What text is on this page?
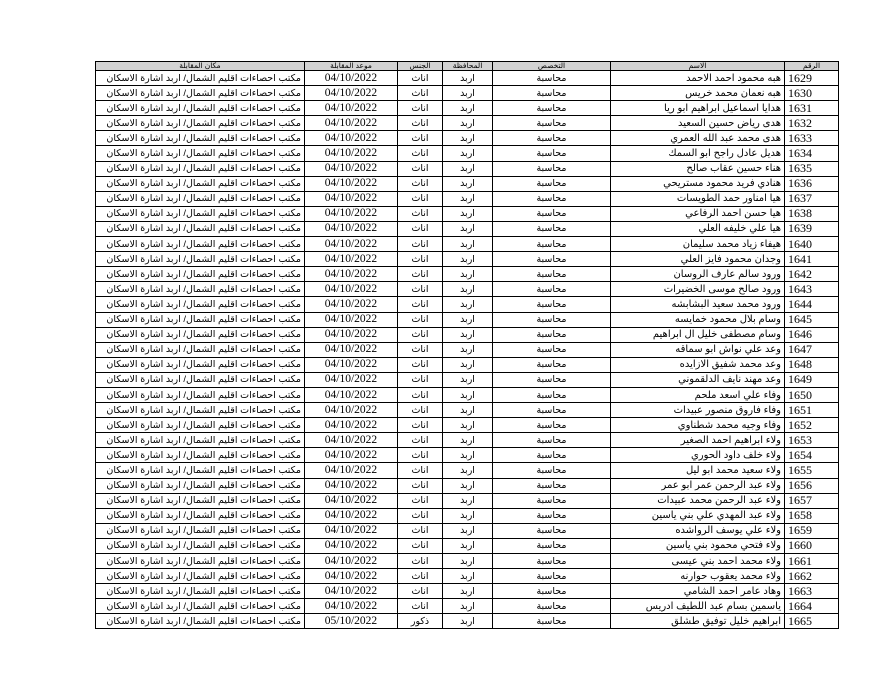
الرقم	الاسم	التخصص	المحافظة	الجنس	موعد المقابلة	مكان المقابلة
1629	هبه محمود احمد الاحمد	محاسبة	اربد	اناث	04/10/2022	مكتب احصاءات اقليم الشمال/ اربد اشارة الاسكان
1630	هبه نعمان محمد خريس	محاسبة	اربد	اناث	04/10/2022	مكتب احصاءات اقليم الشمال/ اربد اشارة الاسكان
1631	هدايا اسماعيل ابراهيم ابو ريا	محاسبة	اربد	اناث	04/10/2022	مكتب احصاءات اقليم الشمال/ اربد اشارة الاسكان
1632	هدى رياض حسين السعيد	محاسبة	اربد	اناث	04/10/2022	مكتب احصاءات اقليم الشمال/ اربد اشارة الاسكان
1633	هدى محمد عبد الله العمري	محاسبة	اربد	اناث	04/10/2022	مكتب احصاءات اقليم الشمال/ اربد اشارة الاسكان
1634	هديل عادل راجح ابو السمك	محاسبة	اربد	اناث	04/10/2022	مكتب احصاءات اقليم الشمال/ اربد اشارة الاسكان
1635	هناء حسين عقاب صالح	محاسبة	اربد	اناث	04/10/2022	مكتب احصاءات اقليم الشمال/ اربد اشارة الاسكان
1636	هنادي فريد محمود مستريحي	محاسبة	اربد	اناث	04/10/2022	مكتب احصاءات اقليم الشمال/ اربد اشارة الاسكان
1637	هيا امناور حمد الطويسات	محاسبة	اربد	اناث	04/10/2022	مكتب احصاءات اقليم الشمال/ اربد اشارة الاسكان
1638	هيا حسن احمد الرفاعي	محاسبة	اربد	اناث	04/10/2022	مكتب احصاءات اقليم الشمال/ اربد اشارة الاسكان
1639	هيا علي خليفه العلي	محاسبة	اربد	اناث	04/10/2022	مكتب احصاءات اقليم الشمال/ اربد اشارة الاسكان
1640	هيفاء زياد محمد سليمان	محاسبة	اربد	اناث	04/10/2022	مكتب احصاءات اقليم الشمال/ اربد اشارة الاسكان
1641	وجدان محمود فايز العلي	محاسبة	اربد	اناث	04/10/2022	مكتب احصاءات اقليم الشمال/ اربد اشارة الاسكان
1642	ورود سالم عارف الروسان	محاسبة	اربد	اناث	04/10/2022	مكتب احصاءات اقليم الشمال/ اربد اشارة الاسكان
1643	ورود صالح موسى الخضيرات	محاسبة	اربد	اناث	04/10/2022	مكتب احصاءات اقليم الشمال/ اربد اشارة الاسكان
1644	ورود محمد سعيد البشابشه	محاسبة	اربد	اناث	04/10/2022	مكتب احصاءات اقليم الشمال/ اربد اشارة الاسكان
1645	وسام بلال محمود خمايسه	محاسبة	اربد	اناث	04/10/2022	مكتب احصاءات اقليم الشمال/ اربد اشارة الاسكان
1646	وسام مصطفى خليل ال ابراهيم	محاسبة	اربد	اناث	04/10/2022	مكتب احصاءات اقليم الشمال/ اربد اشارة الاسكان
1647	وعد علي نواش ابو سماقه	محاسبة	اربد	اناث	04/10/2022	مكتب احصاءات اقليم الشمال/ اربد اشارة الاسكان
1648	وعد محمد شفيق الازايده	محاسبة	اربد	اناث	04/10/2022	مكتب احصاءات اقليم الشمال/ اربد اشارة الاسكان
1649	وعد مهند نايف الدلقموني	محاسبة	اربد	اناث	04/10/2022	مكتب احصاءات اقليم الشمال/ اربد اشارة الاسكان
1650	وفاء علي اسعد ملحم	محاسبة	اربد	اناث	04/10/2022	مكتب احصاءات اقليم الشمال/ اربد اشارة الاسكان
1651	وفاء فاروق منصور عبيدات	محاسبة	اربد	اناث	04/10/2022	مكتب احصاءات اقليم الشمال/ اربد اشارة الاسكان
1652	وفاء وجيه محمد شطناوي	محاسبة	اربد	اناث	04/10/2022	مكتب احصاءات اقليم الشمال/ اربد اشارة الاسكان
1653	ولاء ابراهيم احمد الصغير	محاسبة	اربد	اناث	04/10/2022	مكتب احصاءات اقليم الشمال/ اربد اشارة الاسكان
1654	ولاء خلف داود الحوري	محاسبة	اربد	اناث	04/10/2022	مكتب احصاءات اقليم الشمال/ اربد اشارة الاسكان
1655	ولاء سعيد محمد ابو ليل	محاسبة	اربد	اناث	04/10/2022	مكتب احصاءات اقليم الشمال/ اربد اشارة الاسكان
1656	ولاء عبد الرحمن عمر ابو عمر	محاسبة	اربد	اناث	04/10/2022	مكتب احصاءات اقليم الشمال/ اربد اشارة الاسكان
1657	ولاء عبد الرحمن محمد عبيدات	محاسبة	اربد	اناث	04/10/2022	مكتب احصاءات اقليم الشمال/ اربد اشارة الاسكان
1658	ولاء عبد المهدي علي بني ياسين	محاسبة	اربد	اناث	04/10/2022	مكتب احصاءات اقليم الشمال/ اربد اشارة الاسكان
1659	ولاء علي يوسف الرواشده	محاسبة	اربد	اناث	04/10/2022	مكتب احصاءات اقليم الشمال/ اربد اشارة الاسكان
1660	ولاء فتحي محمود بني ياسين	محاسبة	اربد	اناث	04/10/2022	مكتب احصاءات اقليم الشمال/ اربد اشارة الاسكان
1661	ولاء محمد احمد بني عيسى	محاسبة	اربد	اناث	04/10/2022	مكتب احصاءات اقليم الشمال/ اربد اشارة الاسكان
1662	ولاء محمد يعقوب حوارنه	محاسبة	اربد	اناث	04/10/2022	مكتب احصاءات اقليم الشمال/ اربد اشارة الاسكان
1663	وهاد عامر احمد الشامي	محاسبة	اربد	اناث	04/10/2022	مكتب احصاءات اقليم الشمال/ اربد اشارة الاسكان
1664	ياسمين بسام عبد اللطيف ادريس	محاسبة	اربد	اناث	04/10/2022	مكتب احصاءات اقليم الشمال/ اربد اشارة الاسكان
1665	ابراهيم خليل توفيق طشلق	محاسبة	اربد	ذكور	05/10/2022	مكتب احصاءات اقليم الشمال/ اربد اشارة الاسكان
